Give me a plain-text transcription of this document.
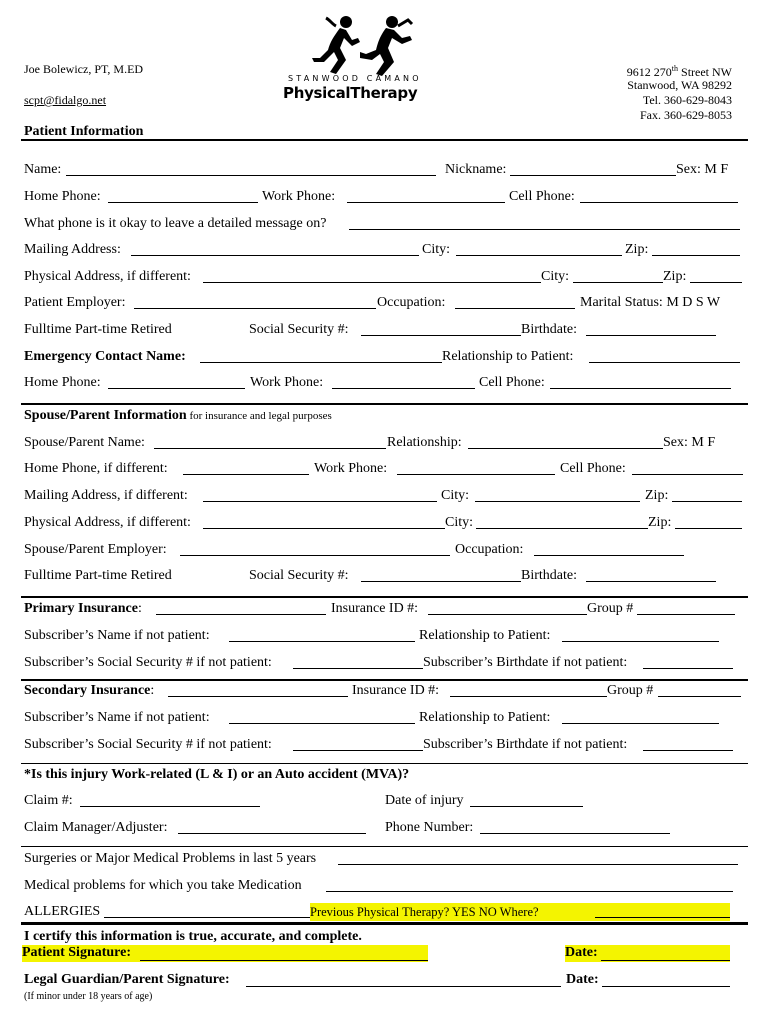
Joe Bolewicz, PT, M.ED
scpt@fidalgo.net
STANWOOD CAMANO
PhysicalTherapy
9612 270th Street NW
Stanwood, WA 98292
Tel. 360-629-8043
Fax. 360-629-8053
Patient Information
Name:	Nickname:	Sex: M F
Home Phone:	Work Phone:	Cell Phone:
What phone is it okay to leave a detailed message on?
Mailing Address:	City:	Zip:
Physical Address, if different:	City:	Zip:
Patient Employer:	Occupation:	Marital Status: M D S W
Fulltime Part-time Retired	Social Security #:	Birthdate:
Emergency Contact Name:	Relationship to Patient:
Home Phone:	Work Phone:	Cell Phone:
Spouse/Parent Information for insurance and legal purposes
Spouse/Parent Name:	Relationship:	Sex: M F
Home Phone, if different:	Work Phone:	Cell Phone:
Mailing Address, if different:	City:	Zip:
Physical Address, if different:	City:	Zip:
Spouse/Parent Employer:	Occupation:
Fulltime Part-time Retired	Social Security #:	Birthdate:
Primary Insurance:	Insurance ID #:	Group #
Subscriber’s Name if not patient:	Relationship to Patient:
Subscriber’s Social Security # if not patient:	Subscriber’s Birthdate if not patient:
Secondary Insurance:	Insurance ID #:	Group #
Subscriber’s Name if not patient:	Relationship to Patient:
Subscriber’s Social Security # if not patient:	Subscriber’s Birthdate if not patient:
*Is this injury Work-related (L & I) or an Auto accident (MVA)?
Claim #:	Date of injury
Claim Manager/Adjuster:	Phone Number:
Surgeries or Major Medical Problems in last 5 years
Medical problems for which you take Medication
ALLERGIES	Previous Physical Therapy? YES NO Where?
I certify this information is true, accurate, and complete.
Patient Signature:	Date:
Legal Guardian/Parent Signature:	Date:
(If minor under 18 years of age)
